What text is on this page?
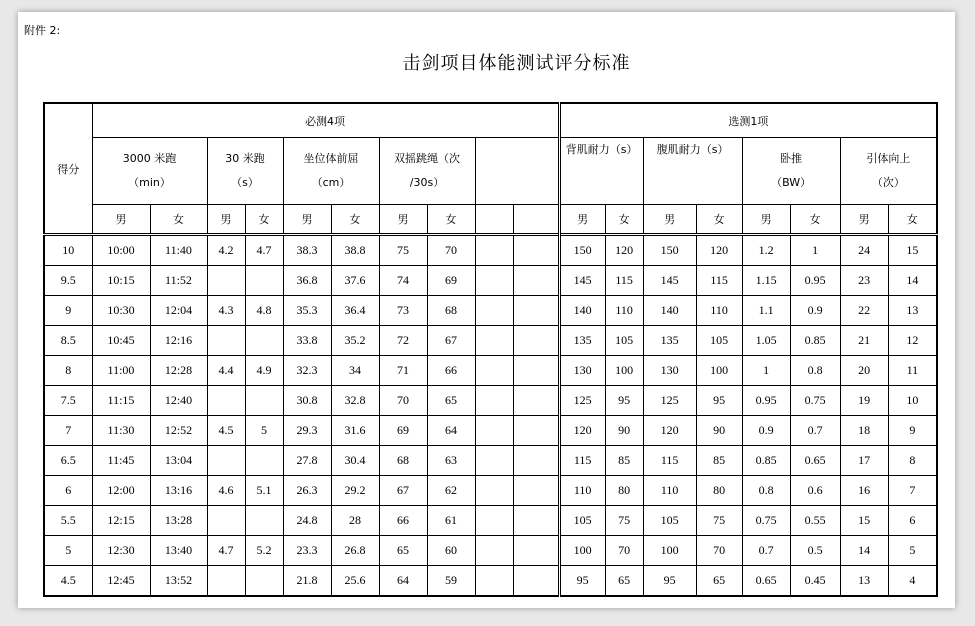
附件 2:
击剑项目体能测试评分标准
得分	必测4项										选测1项							
	3000 米跑
（min）		30 米跑
（s）		坐位体前屈
（cm）		双摇跳绳（次
/30s）				背肌耐力（s）		腹肌耐力（s）		卧推
（BW）		引体向上
（次）	
	男	女	男	女	男	女	男	女			男	女	男	女	男	女	男	女
10	10:00	11:40	4.2	4.7	38.3	38.8	75	70			150	120	150	120	1.2	1	24	15
9.5	10:15	11:52			36.8	37.6	74	69			145	115	145	115	1.15	0.95	23	14
9	10:30	12:04	4.3	4.8	35.3	36.4	73	68			140	110	140	110	1.1	0.9	22	13
8.5	10:45	12:16			33.8	35.2	72	67			135	105	135	105	1.05	0.85	21	12
8	11:00	12:28	4.4	4.9	32.3	34	71	66			130	100	130	100	1	0.8	20	11
7.5	11:15	12:40			30.8	32.8	70	65			125	95	125	95	0.95	0.75	19	10
7	11:30	12:52	4.5	5	29.3	31.6	69	64			120	90	120	90	0.9	0.7	18	9
6.5	11:45	13:04			27.8	30.4	68	63			115	85	115	85	0.85	0.65	17	8
6	12:00	13:16	4.6	5.1	26.3	29.2	67	62			110	80	110	80	0.8	0.6	16	7
5.5	12:15	13:28			24.8	28	66	61			105	75	105	75	0.75	0.55	15	6
5	12:30	13:40	4.7	5.2	23.3	26.8	65	60			100	70	100	70	0.7	0.5	14	5
4.5	12:45	13:52			21.8	25.6	64	59			95	65	95	65	0.65	0.45	13	4
